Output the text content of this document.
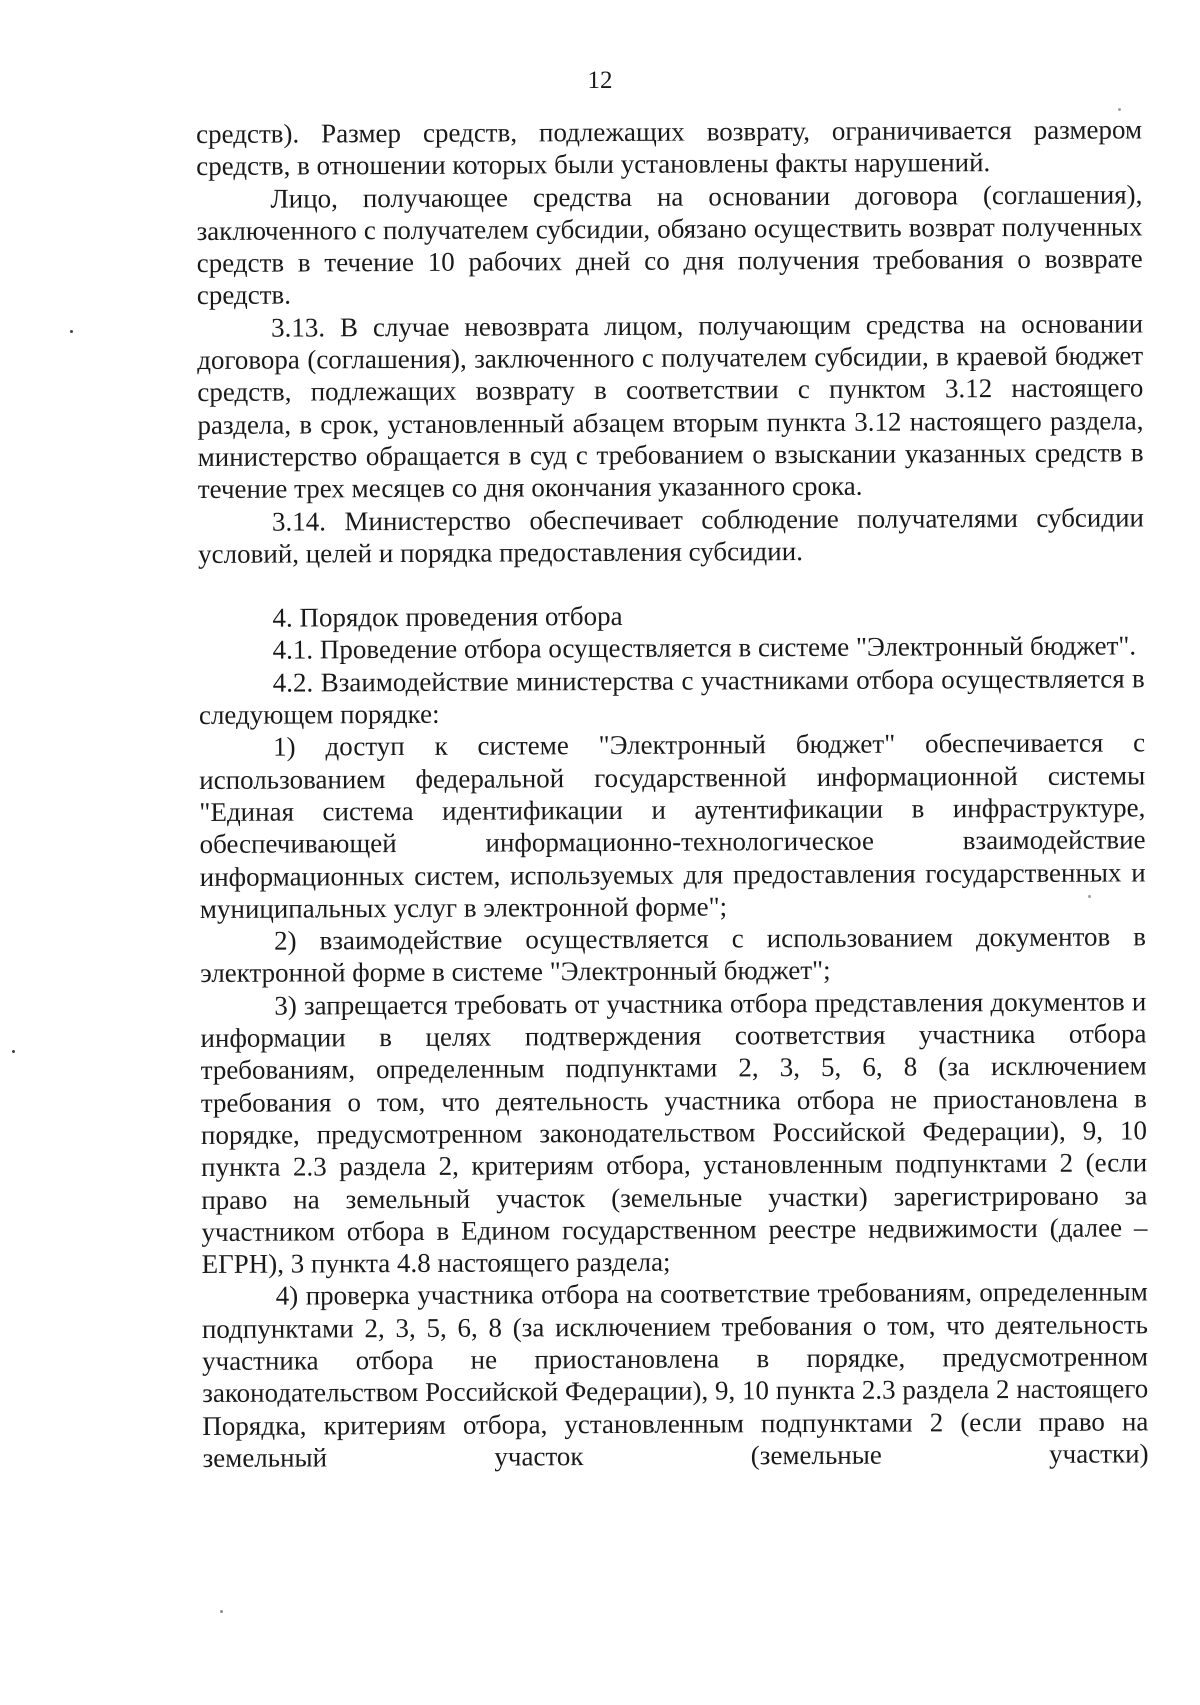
12

средств). Размер средств, подлежащих возврату, ограничивается размером средств, в отношении которых были установлены факты нарушений.

Лицо, получающее средства на основании договора (соглашения), заключенного с получателем субсидии, обязано осуществить возврат полученных средств в течение 10 рабочих дней со дня получения требования о возврате средств.

3.13. В случае невозврата лицом, получающим средства на основании договора (соглашения), заключенного с получателем субсидии, в краевой бюджет средств, подлежащих возврату в соответствии с пунктом 3.12 настоящего раздела, в срок, установленный абзацем вторым пункта 3.12 настоящего раздела, министерство обращается в суд с требованием о взыскании указанных средств в течение трех месяцев со дня окончания указанного срока.

3.14. Министерство обеспечивает соблюдение получателями субсидии условий, целей и порядка предоставления субсидии.

4. Порядок проведения отбора

4.1. Проведение отбора осуществляется в системе "Электронный бюджет".

4.2. Взаимодействие министерства с участниками отбора осуществляется в следующем порядке:

1) доступ к системе "Электронный бюджет" обеспечивается с использованием федеральной государственной информационной системы "Единая система идентификации и аутентификации в инфраструктуре, обеспечивающей информационно-технологическое взаимодействие информационных систем, используемых для предоставления государственных и муниципальных услуг в электронной форме";

2) взаимодействие осуществляется с использованием документов в электронной форме в системе "Электронный бюджет";

3) запрещается требовать от участника отбора представления документов и информации в целях подтверждения соответствия участника отбора требованиям, определенным подпунктами 2, 3, 5, 6, 8 (за исключением требования о том, что деятельность участника отбора не приостановлена в порядке, предусмотренном законодательством Российской Федерации), 9, 10 пункта 2.3 раздела 2, критериям отбора, установленным подпунктами 2 (если право на земельный участок (земельные участки) зарегистрировано за участником отбора в Едином государственном реестре недвижимости (далее – ЕГРН), 3 пункта 4.8 настоящего раздела;

4) проверка участника отбора на соответствие требованиям, определенным подпунктами 2, 3, 5, 6, 8 (за исключением требования о том, что деятельность участника отбора не приостановлена в порядке, предусмотренном законодательством Российской Федерации), 9, 10 пункта 2.3 раздела 2 настоящего Порядка, критериям отбора, установленным подпунктами 2 (если право на земельный участок (земельные участки)
